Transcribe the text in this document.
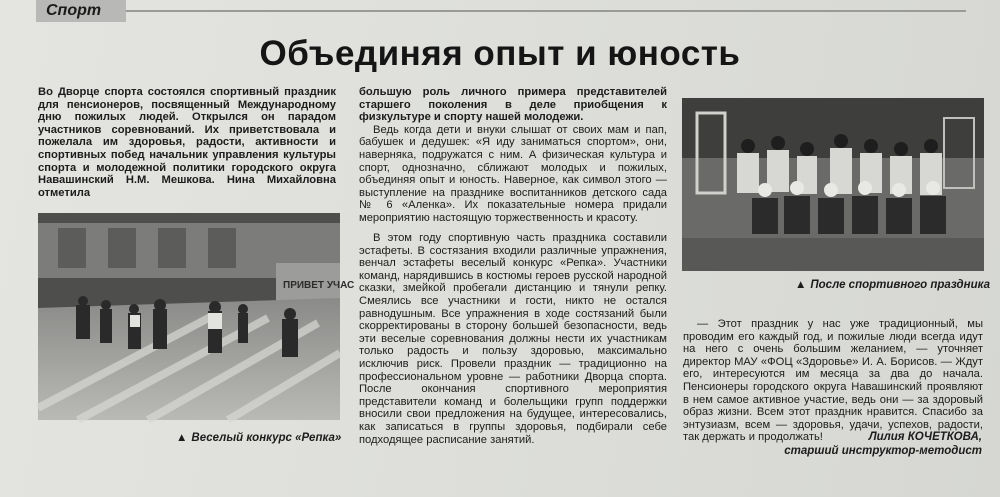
Спорт
Объединяя опыт и юность

Во Дворце спорта состоялся спортивный праздник для пенсионеров, посвященный Международному дню пожилых людей. Открылся он парадом участников соревнований. Их приветствовала и пожелала им здоровья, радости, активности и спортивных побед начальник управления культуры спорта и молодежной политики городского округа Навашинский Н.М. Мешкова. Нина Михайловна отметила

ПРИВЕТ УЧАС
▲ Веселый конкурс «Репка»

большую роль личного примера представителей старшего поколения в деле приобщения к физкультуре и спорту нашей молодежи.

Ведь когда дети и внуки слышат от своих мам и пап, бабушек и дедушек: «Я иду заниматься спортом», они, наверняка, подружатся с ним. А физическая культура и спорт, однозначно, сближают молодых и пожилых, объединяя опыт и юность. Наверное, как символ этого — выступление на празднике воспитанников детского сада № 6 «Аленка». Их показательные номера придали мероприятию настоящую торжественность и красоту.

В этом году спортивную часть праздника составили эстафеты. В состязания входили различные упражнения, венчал эстафеты веселый конкурс «Репка». Участники команд, нарядившись в костюмы героев русской народной сказки, змейкой пробегали дистанцию и тянули репку. Смеялись все участники и гости, никто не остался равнодушным. Все упражнения в ходе состязаний были скорректированы в сторону большей безопасности, ведь эти веселые соревнования должны нести их участникам только радость и пользу здоровью, максимально исключив риск. Провели праздник — традиционно на профессиональном уровне — работники Дворца спорта. После окончания спортивного мероприятия представители команд и болельщики групп поддержки вносили свои предложения на будущее, интересовались, как записаться в группы здоровья, подбирали себе подходящее расписание занятий.

▲ После спортивного праздника

— Этот праздник у нас уже традиционный, мы проводим его каждый год, и пожилые люди всегда идут на него с очень большим желанием, — уточняет директор МАУ «ФОЦ «Здоровье» И. А. Борисов. — Ждут его, интересуются им месяца за два до начала. Пенсионеры городского округа Навашинский проявляют в нем самое активное участие, ведь они — за здоровый образ жизни. Всем этот праздник нравится. Спасибо за энтузиазм, всем — здоровья, удачи, успехов, радости, так держать и продолжать!	Лилия КОЧЕТКОВА,
старший инструктор-методист
